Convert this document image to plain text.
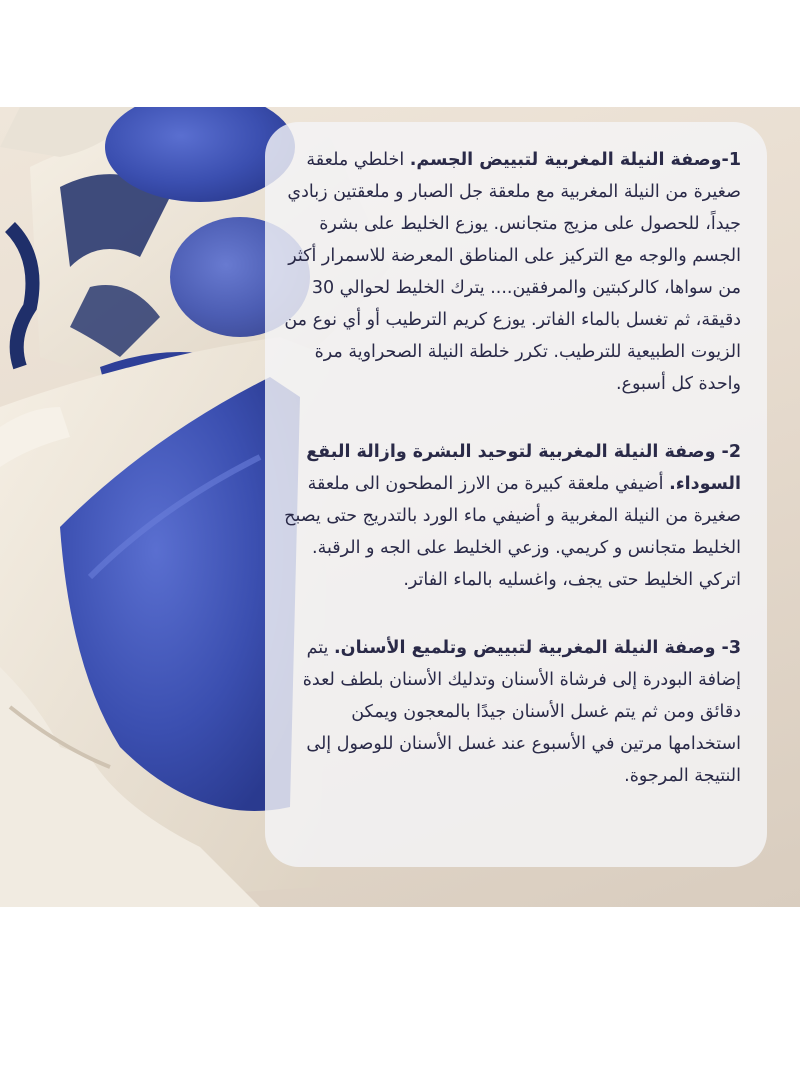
1-وصفة النيلة المغربية لتبييض الجسم. اخلطي ملعقة صغيرة من النيلة المغربية مع ملعقة جل الصبار و ملعقتين زبادي جيداً، للحصول على مزيج متجانس. يوزع الخليط على بشرة الجسم والوجه مع التركيز على المناطق المعرضة للاسمرار أكثر من سواها، كالركبتين والمرفقين.... يترك الخليط لحوالي 30 دقيقة، ثم تغسل بالماء الفاتر. يوزع كريم الترطيب أو أي نوع من الزيوت الطبيعية للترطيب. تكرر خلطة النيلة الصحراوية مرة واحدة كل أسبوع.

2- وصفة النيلة المغربية لتوحيد البشرة وازالة البقع السوداء. أضيفي ملعقة كبيرة من الارز المطحون الى ملعقة صغيرة من النيلة المغربية و أضيفي ماء الورد بالتدريج حتى يصبح الخليط متجانس و كريمي. وزعي الخليط على الجه و الرقبة. اتركي الخليط حتى يجف، واغسليه بالماء الفاتر.

3- وصفة النيلة المغربية لتبييض وتلميع الأسنان. يتم إضافة البودرة إلى فرشاة الأسنان وتدليك الأسنان بلطف لعدة دقائق ومن ثم يتم غسل الأسنان جيدًا بالمعجون ويمكن استخدامها مرتين في الأسبوع عند غسل الأسنان للوصول إلى النتيجة المرجوة.
